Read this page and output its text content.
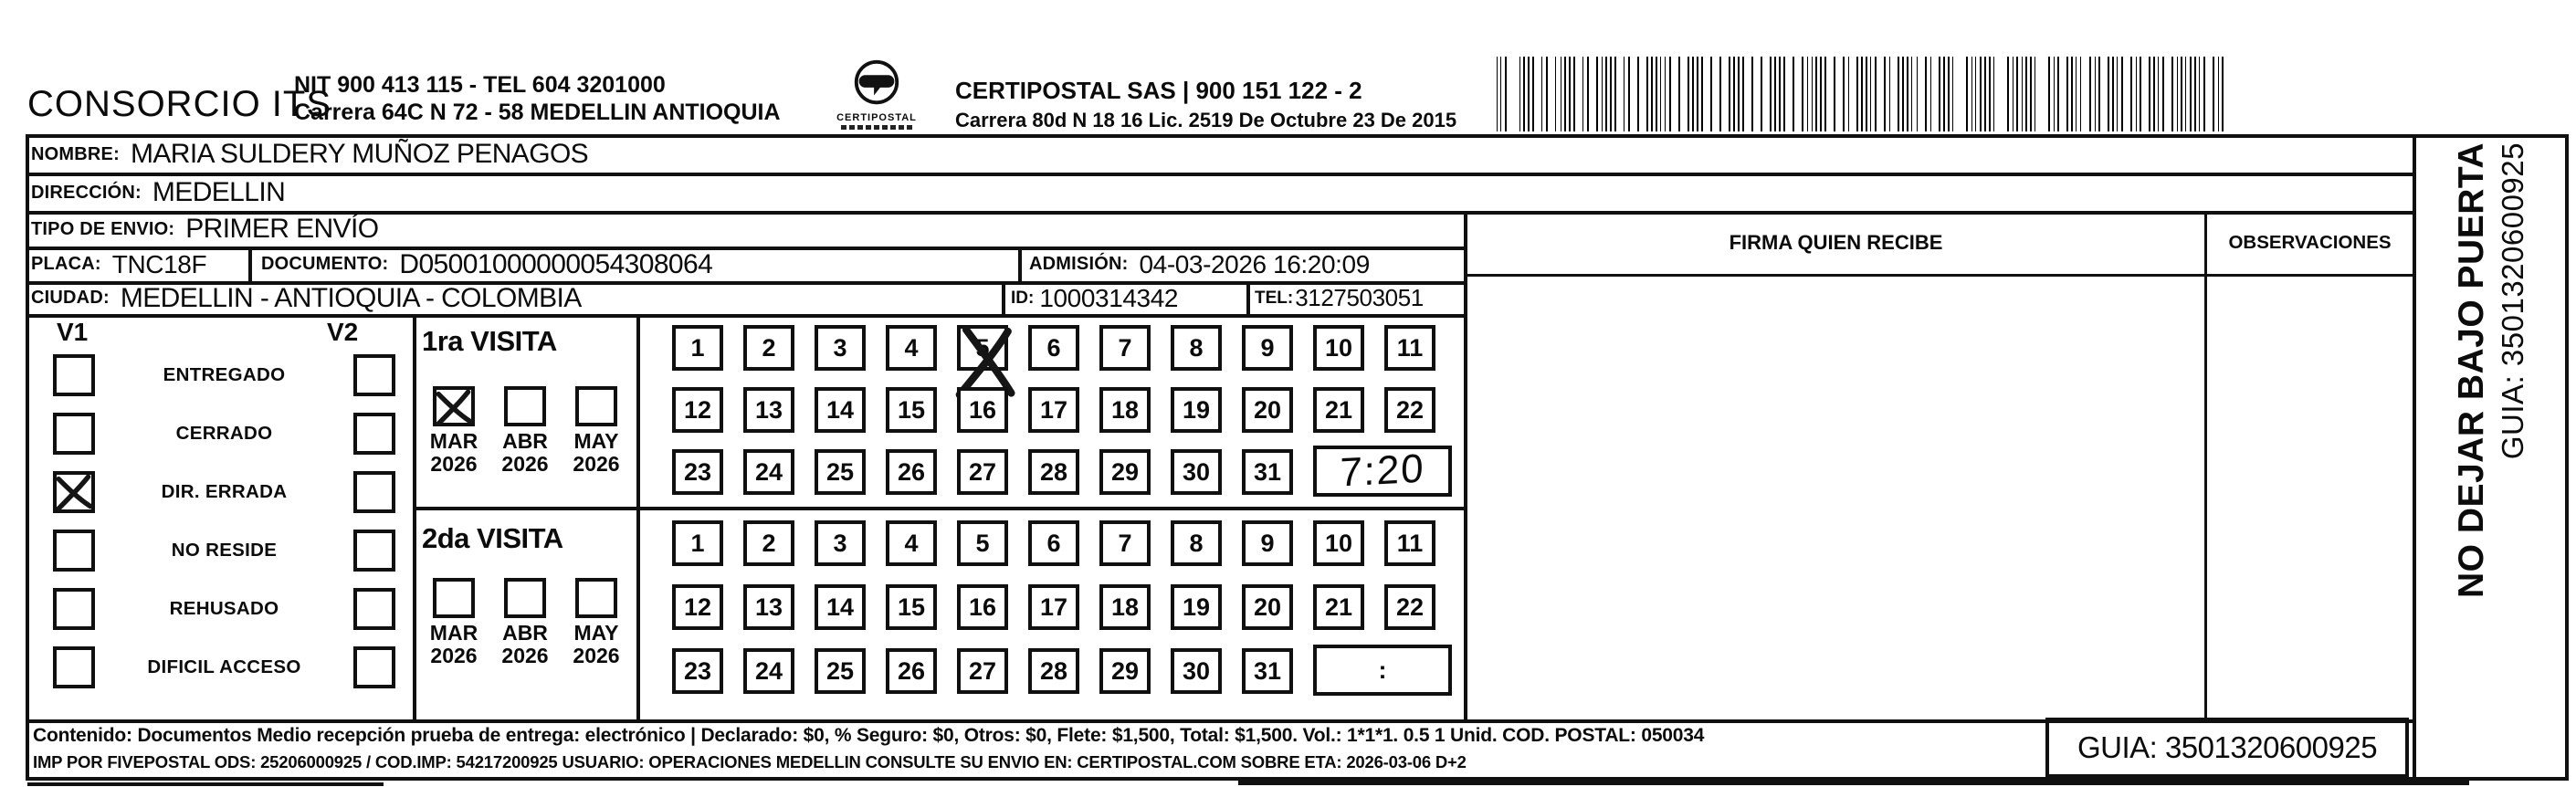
CONSORCIO ITS
NIT 900 413 115 - TEL 604 3201000
Carrera 64C N 72 - 58 MEDELLIN ANTIOQUIA	CERTIPOSTAL
CERTIPOSTAL SAS | 900 151 122 - 2
Carrera 80d N 18 16 Lic. 2519 De Octubre 23 De 2015
NOMBRE: MARIA SULDERY MUÑOZ PENAGOS
DIRECCIÓN: MEDELLIN
TIPO DE ENVIO: PRIMER ENVÍO
PLACA: TNC18F	DOCUMENTO: D05001000000054308064	ADMISIÓN: 04-03-2026 16:20:09
CIUDAD: MEDELLIN - ANTIOQUIA - COLOMBIA	ID: 1000314342	TEL: 3127503051
FIRMA QUIEN RECIBE	OBSERVACIONES
V1	V2
ENTREGADO
CERRADO
DIR. ERRADA
NO RESIDE
REHUSADO
DIFICIL ACCESO
1ra VISITA
MAR
2026
ABR
2026
MAY
2026
2da VISITA
MAR
2026
ABR
2026
MAY
2026
1 2 3 4 5 6 7 8 9 10 11
12 13 14 15 16 17 18 19 20 21 22
23 24 25 26 27 28 29 30 31 7:20
1 2 3 4 5 6 7 8 9 10 11
12 13 14 15 16 17 18 19 20 21 22
23 24 25 26 27 28 29 30 31	:
NO DEJAR BAJO PUERTA GUIA: 3501320600925
Contenido: Documentos Medio recepción prueba de entrega: electrónico | Declarado: $0, % Seguro: $0, Otros: $0, Flete: $1,500, Total: $1,500. Vol.: 1*1*1. 0.5 1 Unid. COD. POSTAL: 050034
IMP POR FIVEPOSTAL ODS: 25206000925 / COD.IMP: 54217200925 USUARIO: OPERACIONES MEDELLIN CONSULTE SU ENVIO EN: CERTIPOSTAL.COM SOBRE ETA: 2026-03-06 D+2	GUIA: 3501320600925
